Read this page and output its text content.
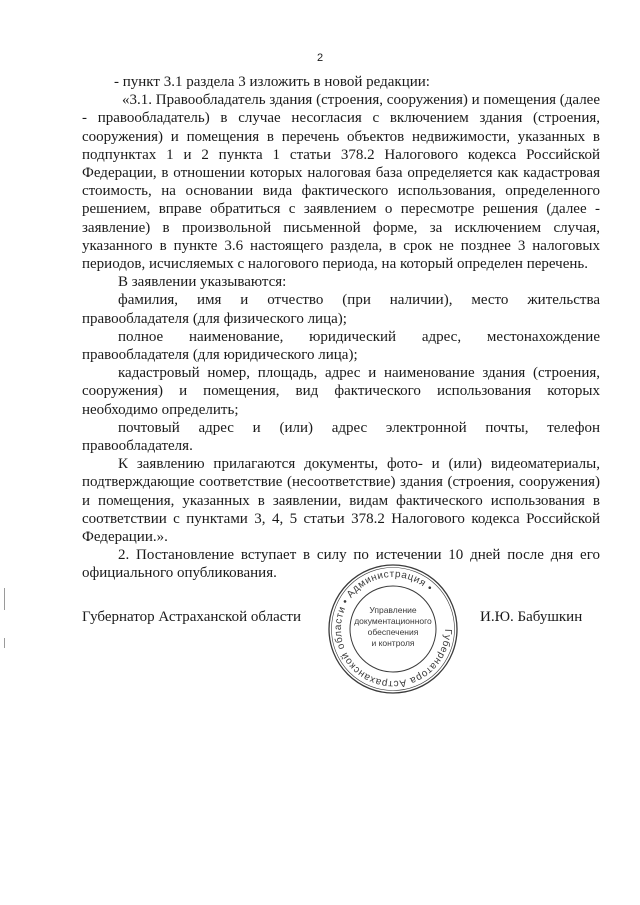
2

- пункт 3.1 раздела 3 изложить в новой редакции:

«3.1. Правообладатель здания (строения, сооружения) и помещения (далее - правообладатель) в случае несогласия с включением здания (строения, сооружения) и помещения в перечень объектов недвижимости, указанных в подпунктах 1 и 2 пункта 1 статьи 378.2 Налогового кодекса Российской Федерации, в отношении которых налоговая база определяется как кадастровая стоимость, на основании вида фактического использования, определенного решением, вправе обратиться с заявлением о пересмотре решения (далее - заявление) в произвольной письменной форме, за исключением случая, указанного в пункте 3.6 настоящего раздела, в срок не позднее 3 налоговых периодов, исчисляемых с налогового периода, на который определен перечень.

В заявлении указываются:

фамилия, имя и отчество (при наличии), место жительства правообладателя (для физического лица);

полное наименование, юридический адрес, местонахождение правообладателя (для юридического лица);

кадастровый номер, площадь, адрес и наименование здания (строения, сооружения) и помещения, вид фактического использования которых необходимо определить;

почтовый адрес и (или) адрес электронной почты, телефон правообладателя.

К заявлению прилагаются документы, фото- и (или) видеоматериалы, подтверждающие соответствие (несоответствие) здания (строения, сооружения) и помещения, указанных в заявлении, видам фактического использования в соответствии с пунктами 3, 4, 5 статьи 378.2 Налогового кодекса Российской Федерации.».

2. Постановление вступает в силу по истечении 10 дней после дня его официального опубликования.

Губернатор Астраханской области	И.Ю. Бабушкин
Губернатора Астраханской области • Администрация •
Управление
документационного
обеспечения
и контроля
